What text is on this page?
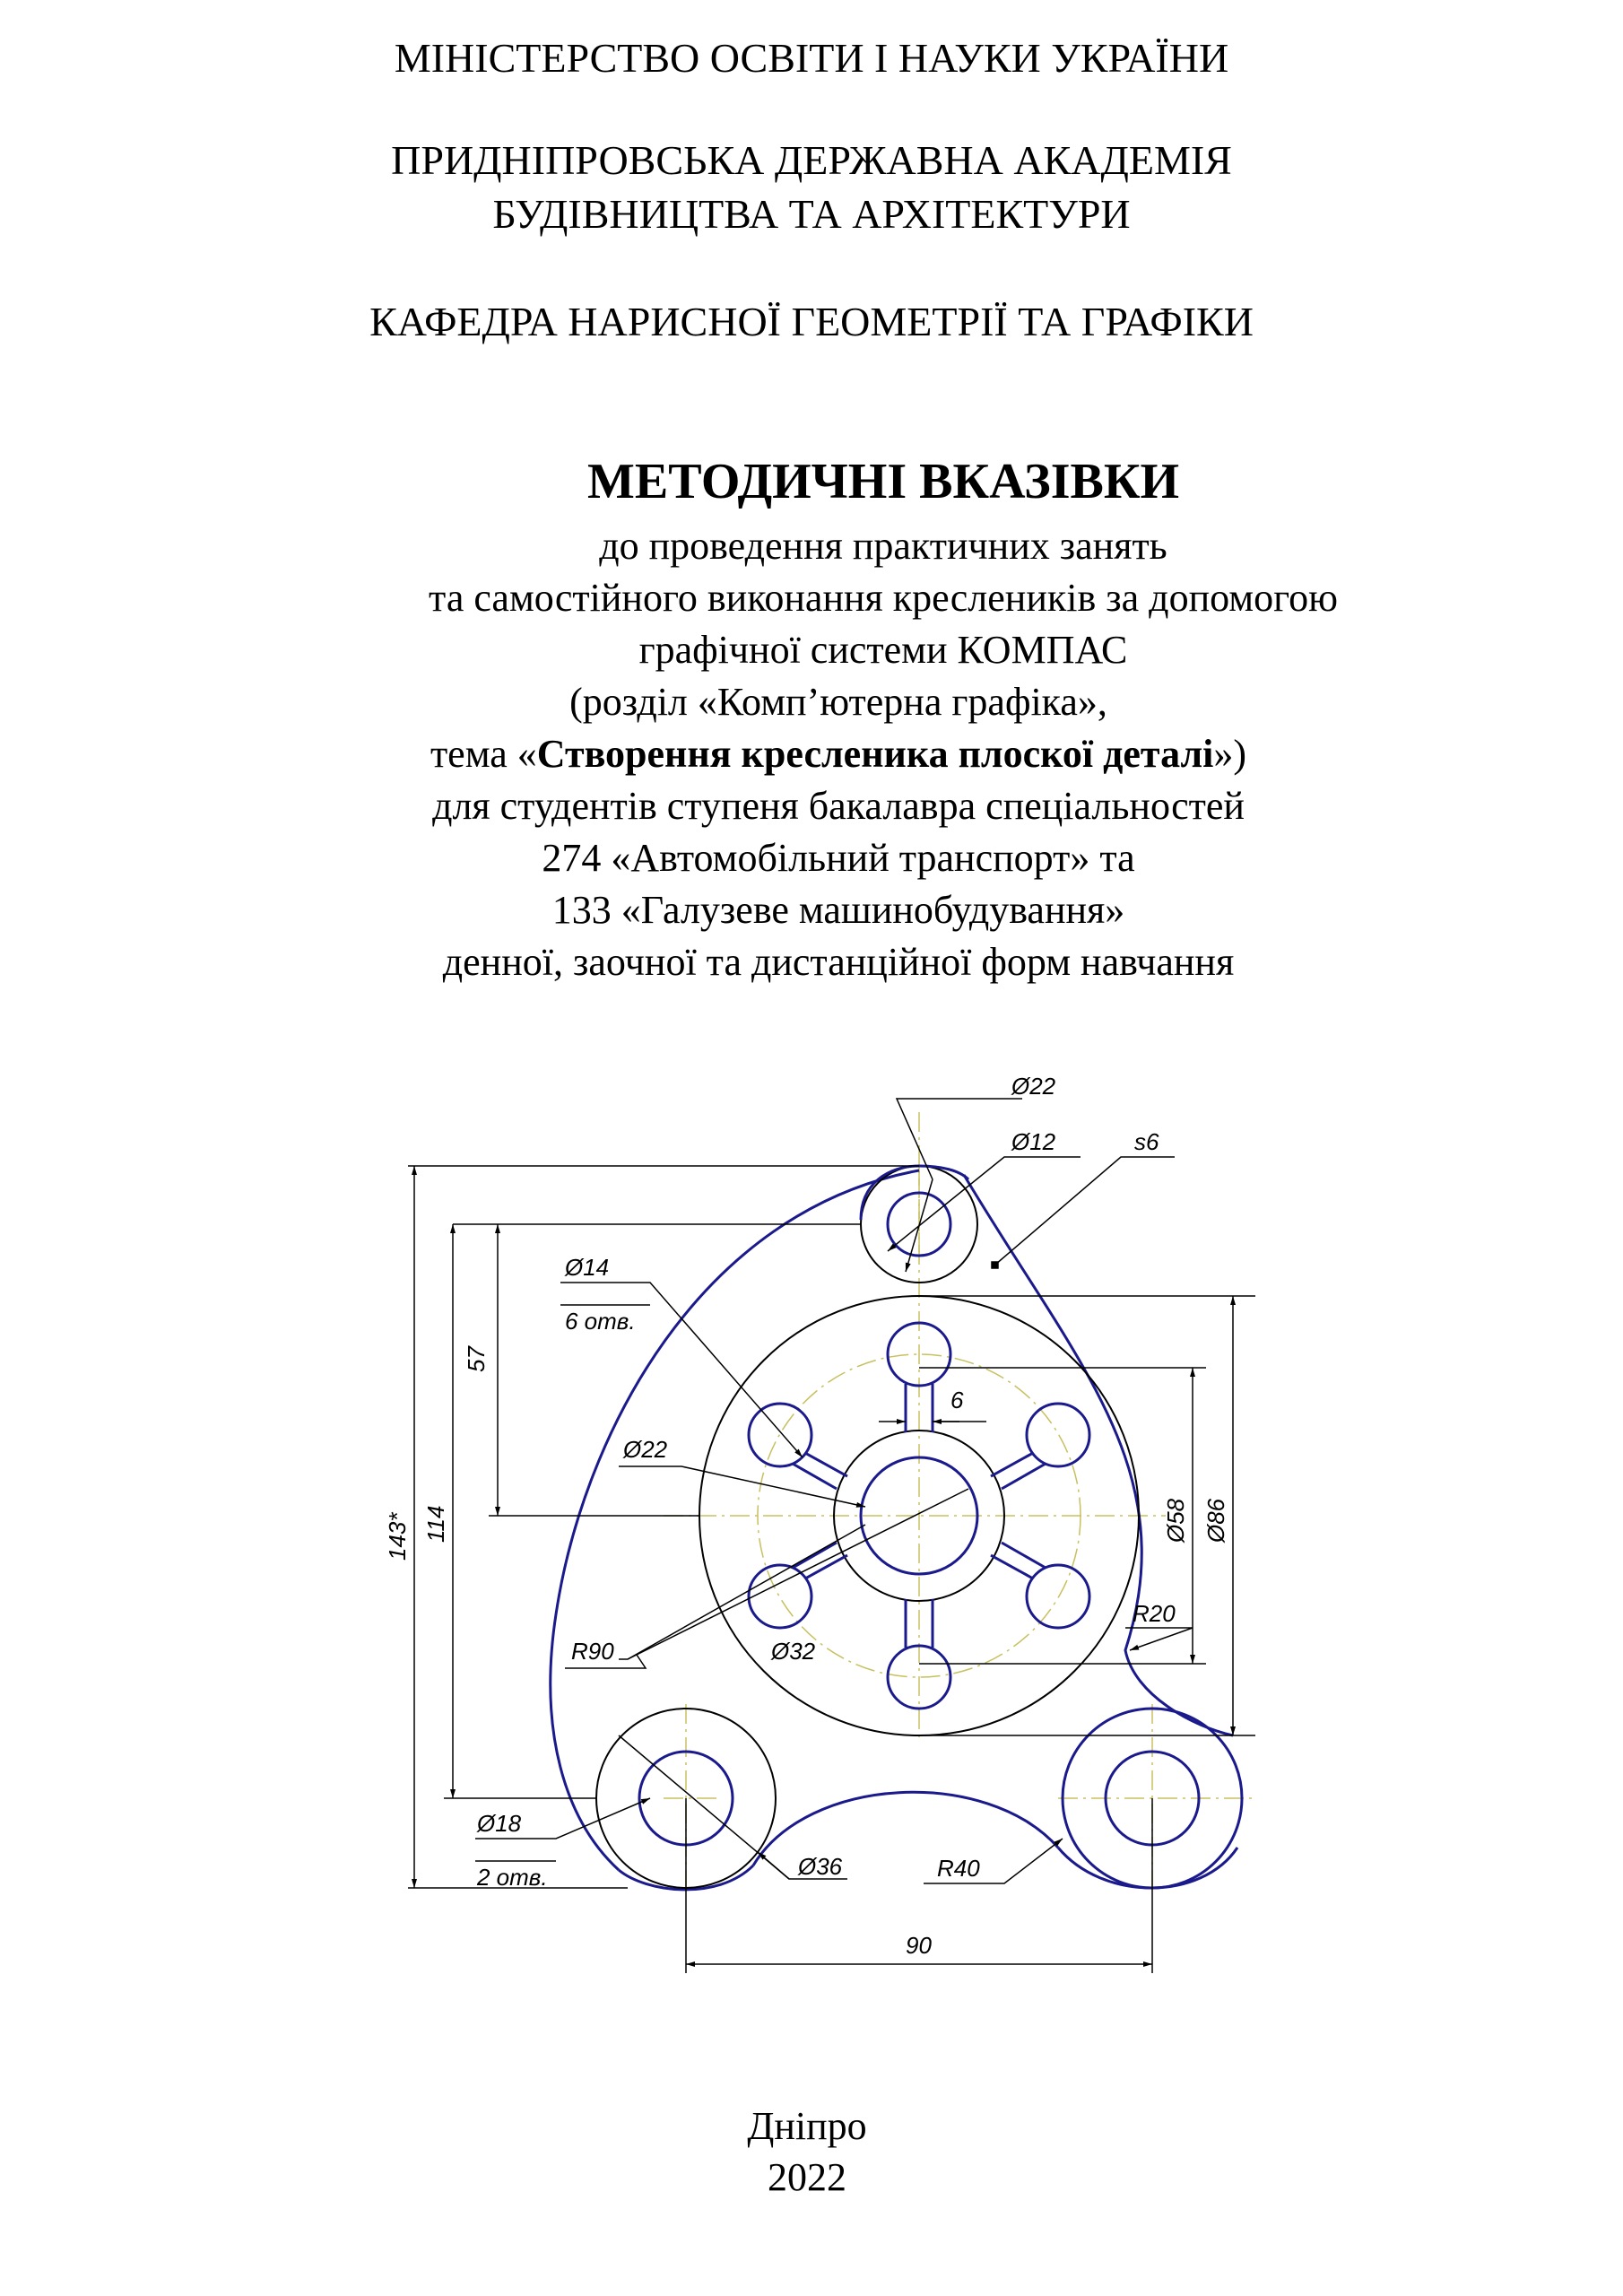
МІНІСТЕРСТВО ОСВІТИ І НАУКИ УКРАЇНИ
ПРИДНІПРОВСЬКА ДЕРЖАВНА АКАДЕМІЯ
БУДІВНИЦТВА ТА АРХІТЕКТУРИ
КАФЕДРА НАРИСНОЇ ГЕОМЕТРІЇ ТА ГРАФІКИ
МЕТОДИЧНІ ВКАЗІВКИ
до проведення практичних занять
та самостійного виконання креслеників за допомогою
графічної системи КОМПАС
(розділ «Комп’ютерна графіка»,
тема «Створення кресленика плоскої деталі»)
для студентів ступеня бакалавра спеціальностей
274 «Автомобільний транспорт» та
133 «Галузеве машинобудування»
денної, заочної та дистанційної форм навчання
Ø22
Ø12	s6
Ø14
6 отв.
57
6
Ø22
Ø58 Ø86
114
143*
R90
R20
Ø32
Ø18
2 отв.	Ø36	R40
90
Дніпро
2022
